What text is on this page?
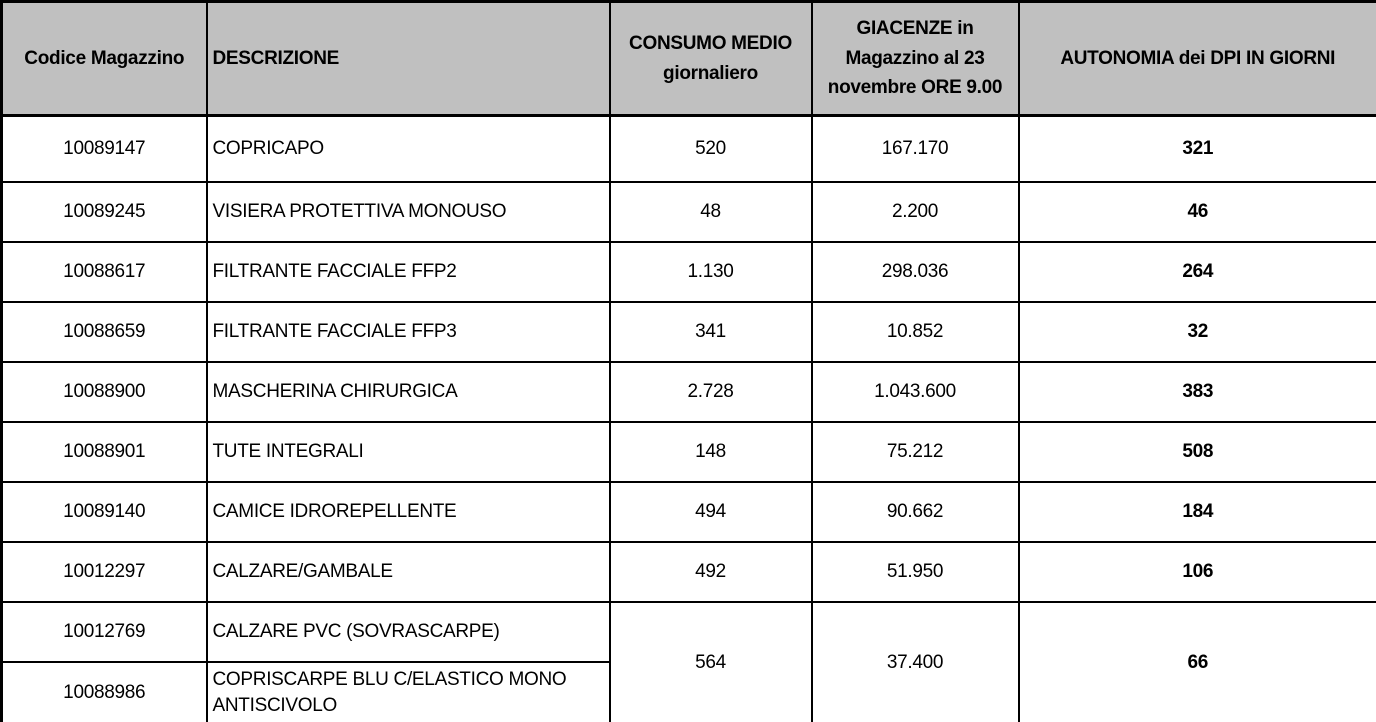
Codice Magazzino	DESCRIZIONE	CONSUMO MEDIO giornaliero	GIACENZE in Magazzino al 23 novembre ORE 9.00	AUTONOMIA dei DPI IN GIORNI
10089147	COPRICAPO	520	167.170	321
10089245	VISIERA PROTETTIVA MONOUSO	48	2.200	46
10088617	FILTRANTE FACCIALE FFP2	1.130	298.036	264
10088659	FILTRANTE FACCIALE FFP3	341	10.852	32
10088900	MASCHERINA CHIRURGICA	2.728	1.043.600	383
10088901	TUTE INTEGRALI	148	75.212	508
10089140	CAMICE IDROREPELLENTE	494	90.662	184
10012297	CALZARE/GAMBALE	492	51.950	106
10012769	CALZARE PVC (SOVRASCARPE)	564	37.400	66
10088986	COPRISCARPE BLU C/ELASTICO MONO ANTISCIVOLO			
